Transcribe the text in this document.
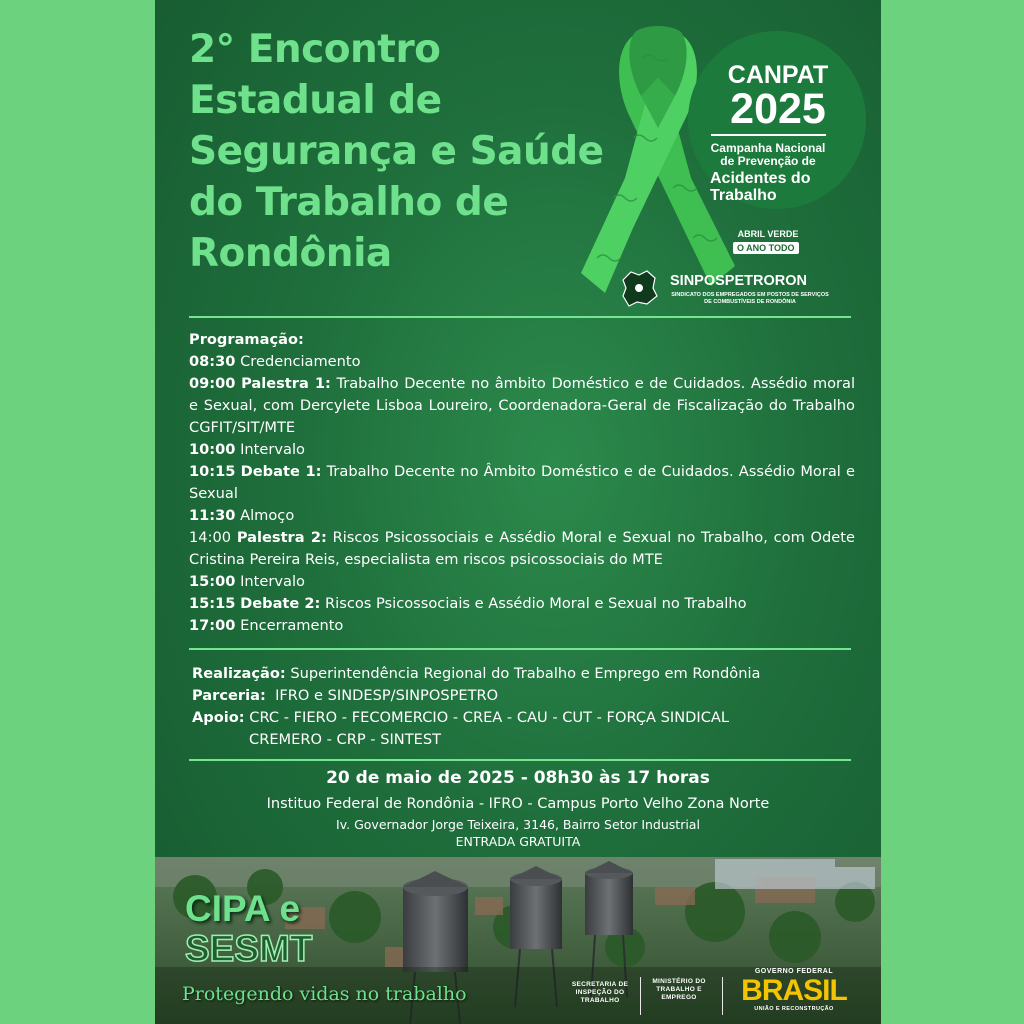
2° Encontro Estadual de Segurança e Saúde do Trabalho de Rondônia
CANPAT
2025
Campanha Nacional de Prevenção de
Acidentes do Trabalho
ABRIL VERDE
O ANO TODO
SINPOSPETRORON
SINDICATO DOS EMPREGADOS EM POSTOS DE SERVIÇOS DE COMBUSTÍVEIS DE RONDÔNIA

Programação:

08:30 Credenciamento

09:00 Palestra 1: Trabalho Decente no âmbito Doméstico e de Cuidados. Assédio moral e Sexual, com Dercylete Lisboa Loureiro, Coordenadora-Geral de Fiscalização do Trabalho CGFIT/SIT/MTE

10:00 Intervalo

10:15 Debate 1: Trabalho Decente no Âmbito Doméstico e de Cuidados. Assédio Moral e Sexual

11:30 Almoço

14:00 Palestra 2: Riscos Psicossociais e Assédio Moral e Sexual no Trabalho, com Odete Cristina Pereira Reis, especialista em riscos psicossociais do MTE

15:00 Intervalo

15:15 Debate 2: Riscos Psicossociais e Assédio Moral e Sexual no Trabalho

17:00 Encerramento

Realização: Superintendência Regional do Trabalho e Emprego em Rondônia

Parceria: IFRO e SINDESP/SINPOSPETRO

Apoio: CRC - FIERO - FECOMERCIO - CREA - CAU - CUT - FORÇA SINDICAL

CREMERO - CRP - SINTEST

20 de maio de 2025 - 08h30 às 17 horas
Instituo Federal de Rondônia - IFRO - Campus Porto Velho Zona Norte
Iv. Governador Jorge Teixeira, 3146, Bairro Setor Industrial
ENTRADA GRATUITA
CIPA e
SESMT
Protegendo vidas no trabalho	SECRETARIA DE INSPEÇÃO DO TRABALHO
MINISTÉRIO DO TRABALHO E EMPREGO
GOVERNO FEDERAL
BRASIL
UNIÃO E RECONSTRUÇÃO
